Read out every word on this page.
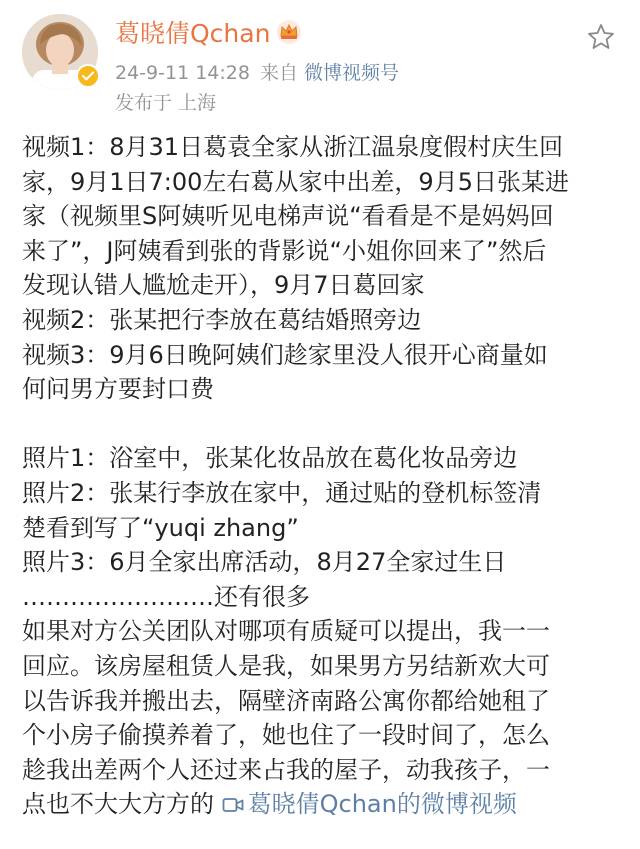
葛晓倩Qchan
24-9-11 14:28 来自 微博视频号
发布于 上海
视频1：8月31日葛袁全家从浙江温泉度假村庆生回
家，9月1日7:00左右葛从家中出差，9月5日张某进
家（视频里S阿姨听见电梯声说“看看是不是妈妈回
来了”，J阿姨看到张的背影说“小姐你回来了”然后
发现认错人尴尬走开），9月7日葛回家
视频2：张某把行李放在葛结婚照旁边
视频3：9月6日晚阿姨们趁家里没人很开心商量如
何问男方要封口费
照片1：浴室中，张某化妆品放在葛化妆品旁边
照片2：张某行李放在家中，通过贴的登机标签清
楚看到写了“yuqi zhang”
照片3：6月全家出席活动，8月27全家过生日
……………………还有很多
如果对方公关团队对哪项有质疑可以提出，我一一
回应。该房屋租赁人是我，如果男方另结新欢大可
以告诉我并搬出去，隔壁济南路公寓你都给她租了
个小房子偷摸养着了，她也住了一段时间了，怎么
趁我出差两个人还过来占我的屋子，动我孩子，一
点也不大大方方的 葛晓倩Qchan的微博视频
